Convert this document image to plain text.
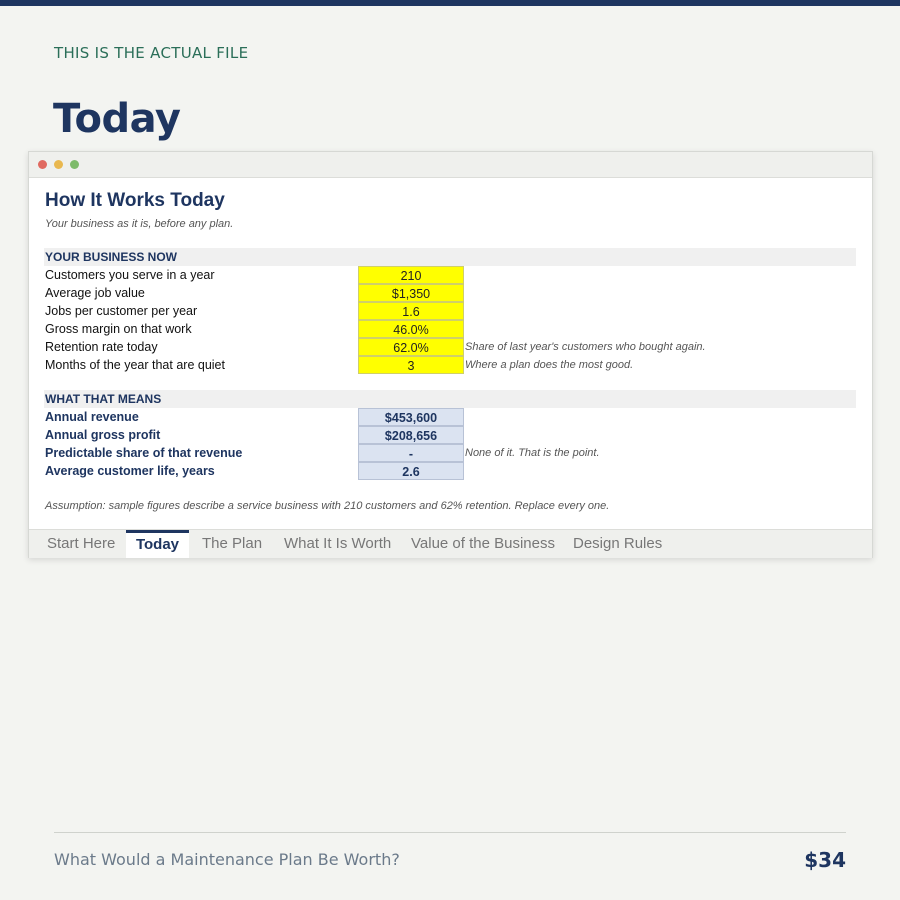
THIS IS THE ACTUAL FILE
Today
How It Works Today
Your business as it is, before any plan.
YOUR BUSINESS NOW
Customers you serve in a year	210
Average job value	$1,350
Jobs per customer per year	1.6
Gross margin on that work	46.0%
Retention rate today	62.0%	Share of last year's customers who bought again.
Months of the year that are quiet	3	Where a plan does the most good.
WHAT THAT MEANS
Annual revenue	$453,600
Annual gross profit	$208,656
Predictable share of that revenue	-	None of it. That is the point.
Average customer life, years	2.6
Assumption: sample figures describe a service business with 210 customers and 62% retention. Replace every one.
Start Here	Today	The Plan What It Is Worth Value of the Business Design Rules
What Would a Maintenance Plan Be Worth?	$34
